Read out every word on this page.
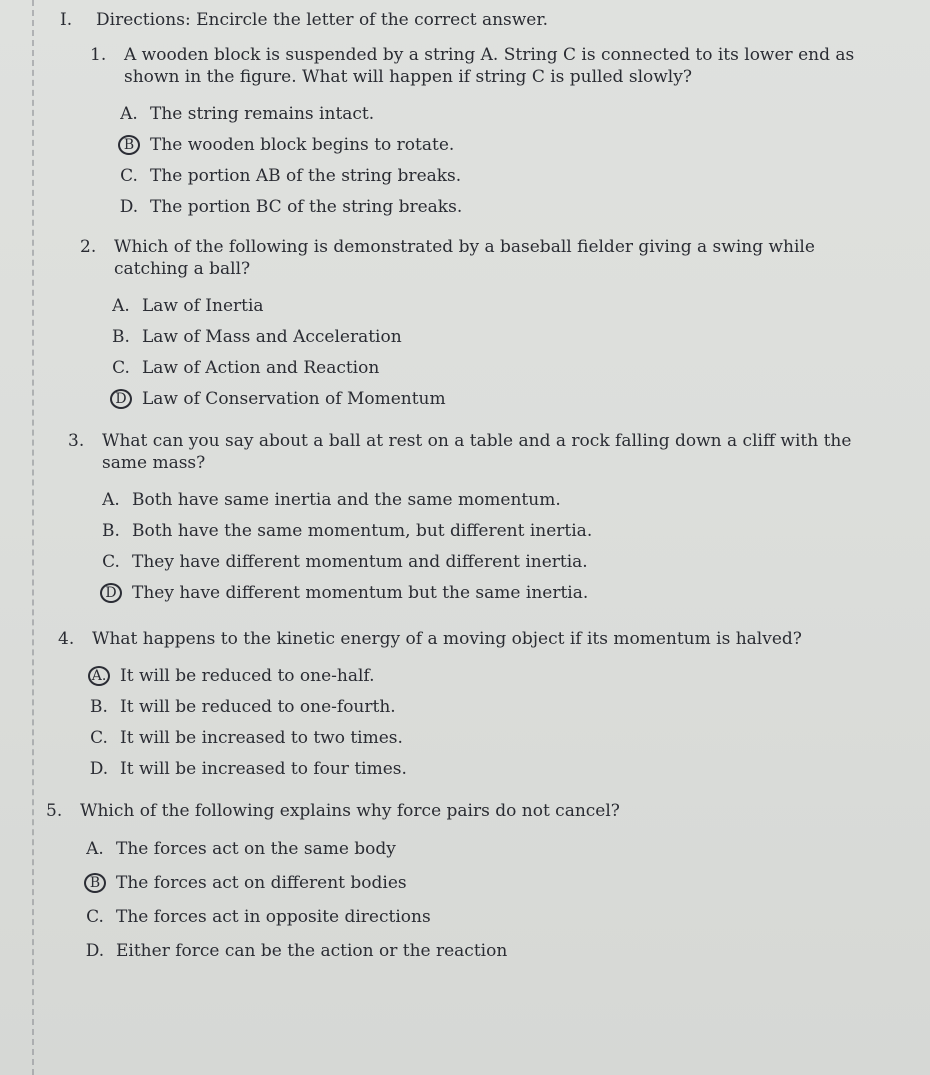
I. Directions: Encircle the letter of the correct answer.
1.	A wooden block is suspended by a string A. String C is connected to its lower end as shown in the figure. What will happen if string C is pulled slowly?
A. The string remains intact.
B The wooden block begins to rotate.
C. The portion AB of the string breaks.
D. The portion BC of the string breaks.
2.	Which of the following is demonstrated by a baseball fielder giving a swing while catching a ball?
A. Law of Inertia
B. Law of Mass and Acceleration
C. Law of Action and Reaction
D Law of Conservation of Momentum
3.	What can you say about a ball at rest on a table and a rock falling down a cliff with the same mass?
A. Both have same inertia and the same momentum.
B. Both have the same momentum, but different inertia.
C. They have different momentum and different inertia.
D They have different momentum but the same inertia.
4.	What happens to the kinetic energy of a moving object if its momentum is halved?
A. It will be reduced to one-half.
B. It will be reduced to one-fourth.
C. It will be increased to two times.
D. It will be increased to four times.
5.	Which of the following explains why force pairs do not cancel?
A. The forces act on the same body
B The forces act on different bodies
C. The forces act in opposite directions
D. Either force can be the action or the reaction
